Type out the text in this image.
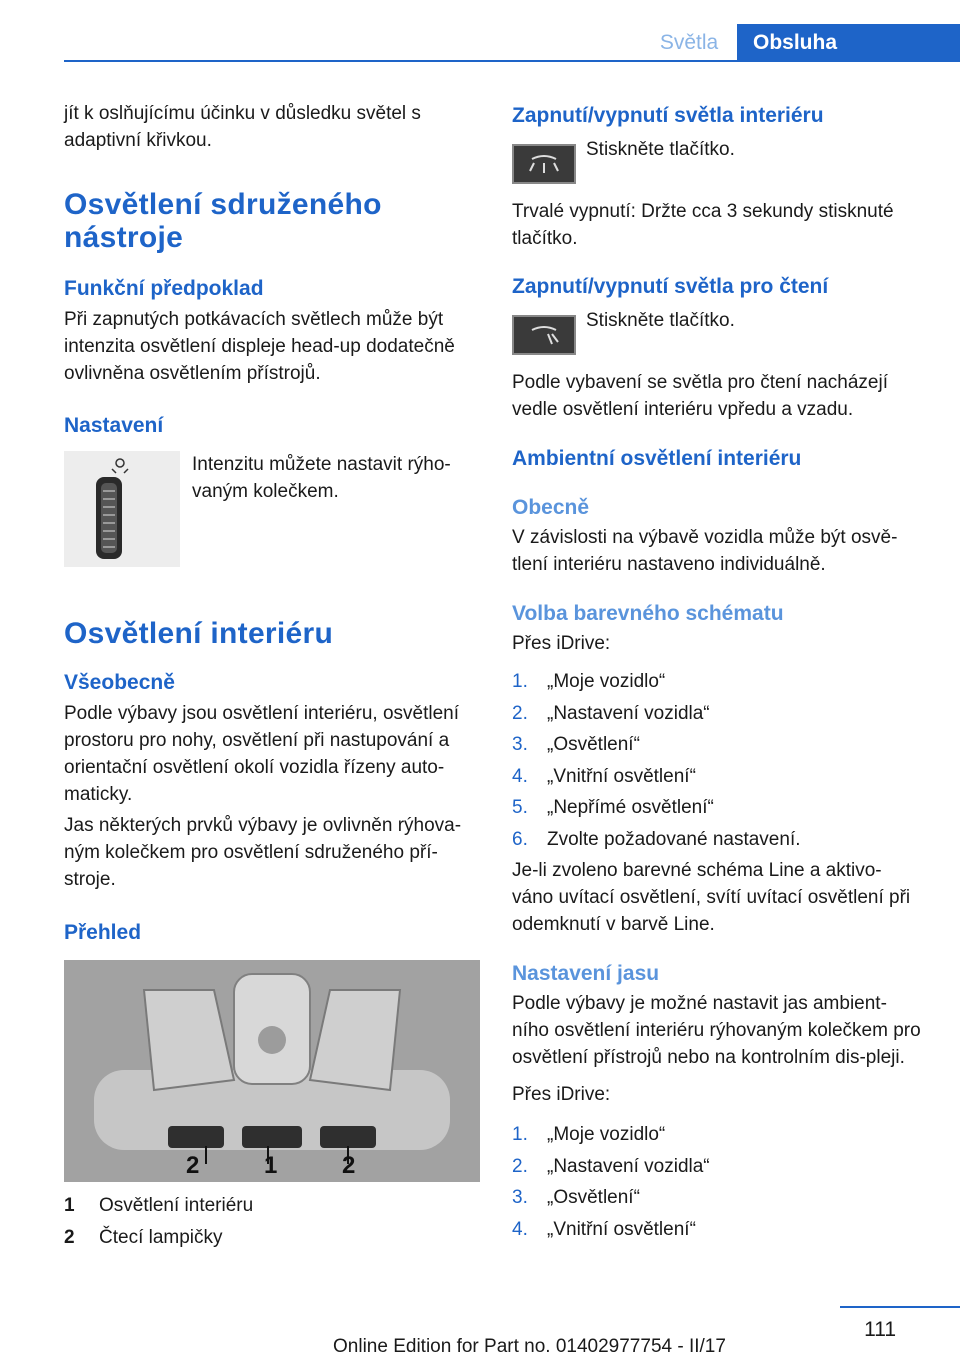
Světla	Obsluha

jít k oslňujícímu účinku v důsledku světel s adaptivní křivkou.

Osvětlení sdruženého nástroje
Funkční předpoklad

Při zapnutých potkávacích světlech může být intenzita osvětlení displeje head-up dodatečně ovlivněna osvětlením přístrojů.

Nastavení

Intenzitu můžete nastavit rýho‐vaným kolečkem.

Osvětlení interiéru
Všeobecně

Podle výbavy jsou osvětlení interiéru, osvětlení prostoru pro nohy, osvětlení při nastupování a orientační osvětlení okolí vozidla řízeny auto‐maticky.

Jas některých prvků výbavy je ovlivněn rýhova‐ným kolečkem pro osvětlení sdruženého pří‐stroje.

Přehled
2	1	2
1	Osvětlení interiéru
2	Čtecí lampičky
Zapnutí/vypnutí světla interiéru

Stiskněte tlačítko.

Trvalé vypnutí: Držte cca 3 sekundy stisknuté tlačítko.

Zapnutí/vypnutí světla pro čtení

Stiskněte tlačítko.

Podle vybavení se světla pro čtení nacházejí vedle osvětlení interiéru vpředu a vzadu.

Ambientní osvětlení interiéru
Obecně

V závislosti na výbavě vozidla může být osvě‐tlení interiéru nastaveno individuálně.

Volba barevného schématu

Přes iDrive:

1.	„Moje vozidlo“
2.	„Nastavení vozidla“
3.	„Osvětlení“
4.	„Vnitřní osvětlení“
5.	„Nepřímé osvětlení“
6.	Zvolte požadované nastavení.

Je-li zvoleno barevné schéma Line a aktivo‐váno uvítací osvětlení, svítí uvítací osvětlení při odemknutí v barvě Line.

Nastavení jasu

Podle výbavy je možné nastavit jas ambient‐ního osvětlení interiéru rýhovaným kolečkem pro osvětlení přístrojů nebo na kontrolním dis‐pleji.

Přes iDrive:

1.	„Moje vozidlo“
2.	„Nastavení vozidla“
3.	„Osvětlení“
4.	„Vnitřní osvětlení“
111
Online Edition for Part no. 01402977754 - II/17
